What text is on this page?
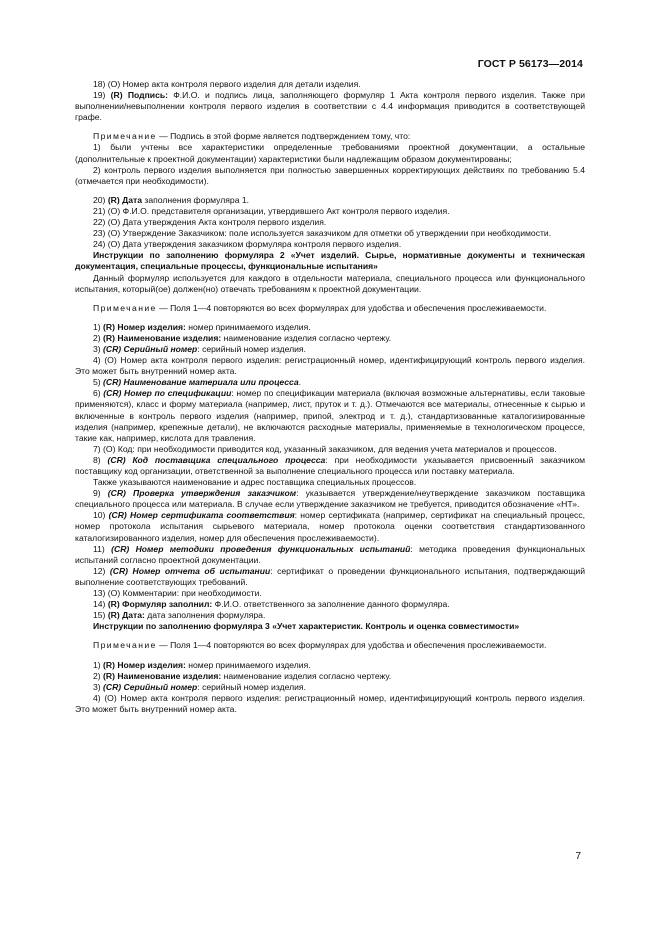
ГОСТ Р 56173—2014

18) (О) Номер акта контроля первого изделия для детали изделия.

19) (R) Подпись: Ф.И.О. и подпись лица, заполняющего формуляр 1 Акта контроля первого изделия. Также при выполнении/невыполнении контроля первого изделия в соответствии с 4.4 информация приводится в соответствующей графе.

Примечание — Подпись в этой форме является подтверждением тому, что:

1) были учтены все характеристики определенные требованиями проектной документации, а остальные (дополнительные к проектной документации) характеристики были надлежащим образом документированы;

2) контроль первого изделия выполняется при полностью завершенных корректирующих действиях по требованию 5.4 (отмечается при необходимости).

20) (R) Дата заполнения формуляра 1.

21) (О) Ф.И.О. представителя организации, утвердившего Акт контроля первого изделия.

22) (О) Дата утверждения Акта контроля первого изделия.

23) (О) Утверждение Заказчиком: поле используется заказчиком для отметки об утверждении при необходимости.

24) (О) Дата утверждения заказчиком формуляра контроля первого изделия.

Инструкции по заполнению формуляра 2 «Учет изделий. Сырье, нормативные документы и техническая документация, специальные процессы, функциональные испытания»

Данный формуляр используется для каждого в отдельности материала, специального процесса или функционального испытания, который(ое) должен(но) отвечать требованиям к проектной документации.

Примечание — Поля 1—4 повторяются во всех формулярах для удобства и обеспечения прослеживаемости.

1) (R) Номер изделия: номер принимаемого изделия.

2) (R) Наименование изделия: наименование изделия согласно чертежу.

3) (CR) Серийный номер: серийный номер изделия.

4) (О) Номер акта контроля первого изделия: регистрационный номер, идентифицирующий контроль первого изделия. Это может быть внутренний номер акта.

5) (CR) Наименование материала или процесса.

6) (CR) Номер по спецификации: номер по спецификации материала (включая возможные альтернативы, если таковые применяются), класс и форму материала (например, лист, пруток и т. д.). Отмечаются все материалы, отнесенные к сырью и включенные в контроль первого изделия (например, припой, электрод и т. д.), стандартизованные каталогизированные изделия (например, крепежные детали), не включаются расходные материалы, применяемые в технологическом процессе, такие как, например, кислота для травления.

7) (О) Код: при необходимости приводится код, указанный заказчиком, для ведения учета материалов и процессов.

8) (CR) Код поставщика специального процесса: при необходимости указывается присвоенный заказчиком поставщику код организации, ответственной за выполнение специального процесса или поставку материала.

Также указываются наименование и адрес поставщика специальных процессов.

9) (CR) Проверка утверждения заказчиком: указывается утверждение/неутверждение заказчиком поставщика специального процесса или материала. В случае если утверждение заказчиком не требуется, приводится обозначение «НТ».

10) (CR) Номер сертификата соответствия: номер сертификата (например, сертификат на специальный процесс, номер протокола испытания сырьевого материала, номер протокола оценки соответствия стандартизованного каталогизированного изделия, номер для обеспечения прослеживаемости).

11) (CR) Номер методики проведения функциональных испытаний: методика проведения функциональных испытаний согласно проектной документации.

12) (CR) Номер отчета об испытании: сертификат о проведении функционального испытания, подтверждающий выполнение соответствующих требований.

13) (О) Комментарии: при необходимости.

14) (R) Формуляр заполнил: Ф.И.О. ответственного за заполнение данного формуляра.

15) (R) Дата: дата заполнения формуляра.

Инструкции по заполнению формуляра 3 «Учет характеристик. Контроль и оценка совместимости»

Примечание — Поля 1—4 повторяются во всех формулярах для удобства и обеспечения прослеживаемости.

1) (R) Номер изделия: номер принимаемого изделия.

2) (R) Наименование изделия: наименование изделия согласно чертежу.

3) (CR) Серийный номер: серийный номер изделия.

4) (О) Номер акта контроля первого изделия: регистрационный номер, идентифицирующий контроль первого изделия. Это может быть внутренний номер акта.

7
